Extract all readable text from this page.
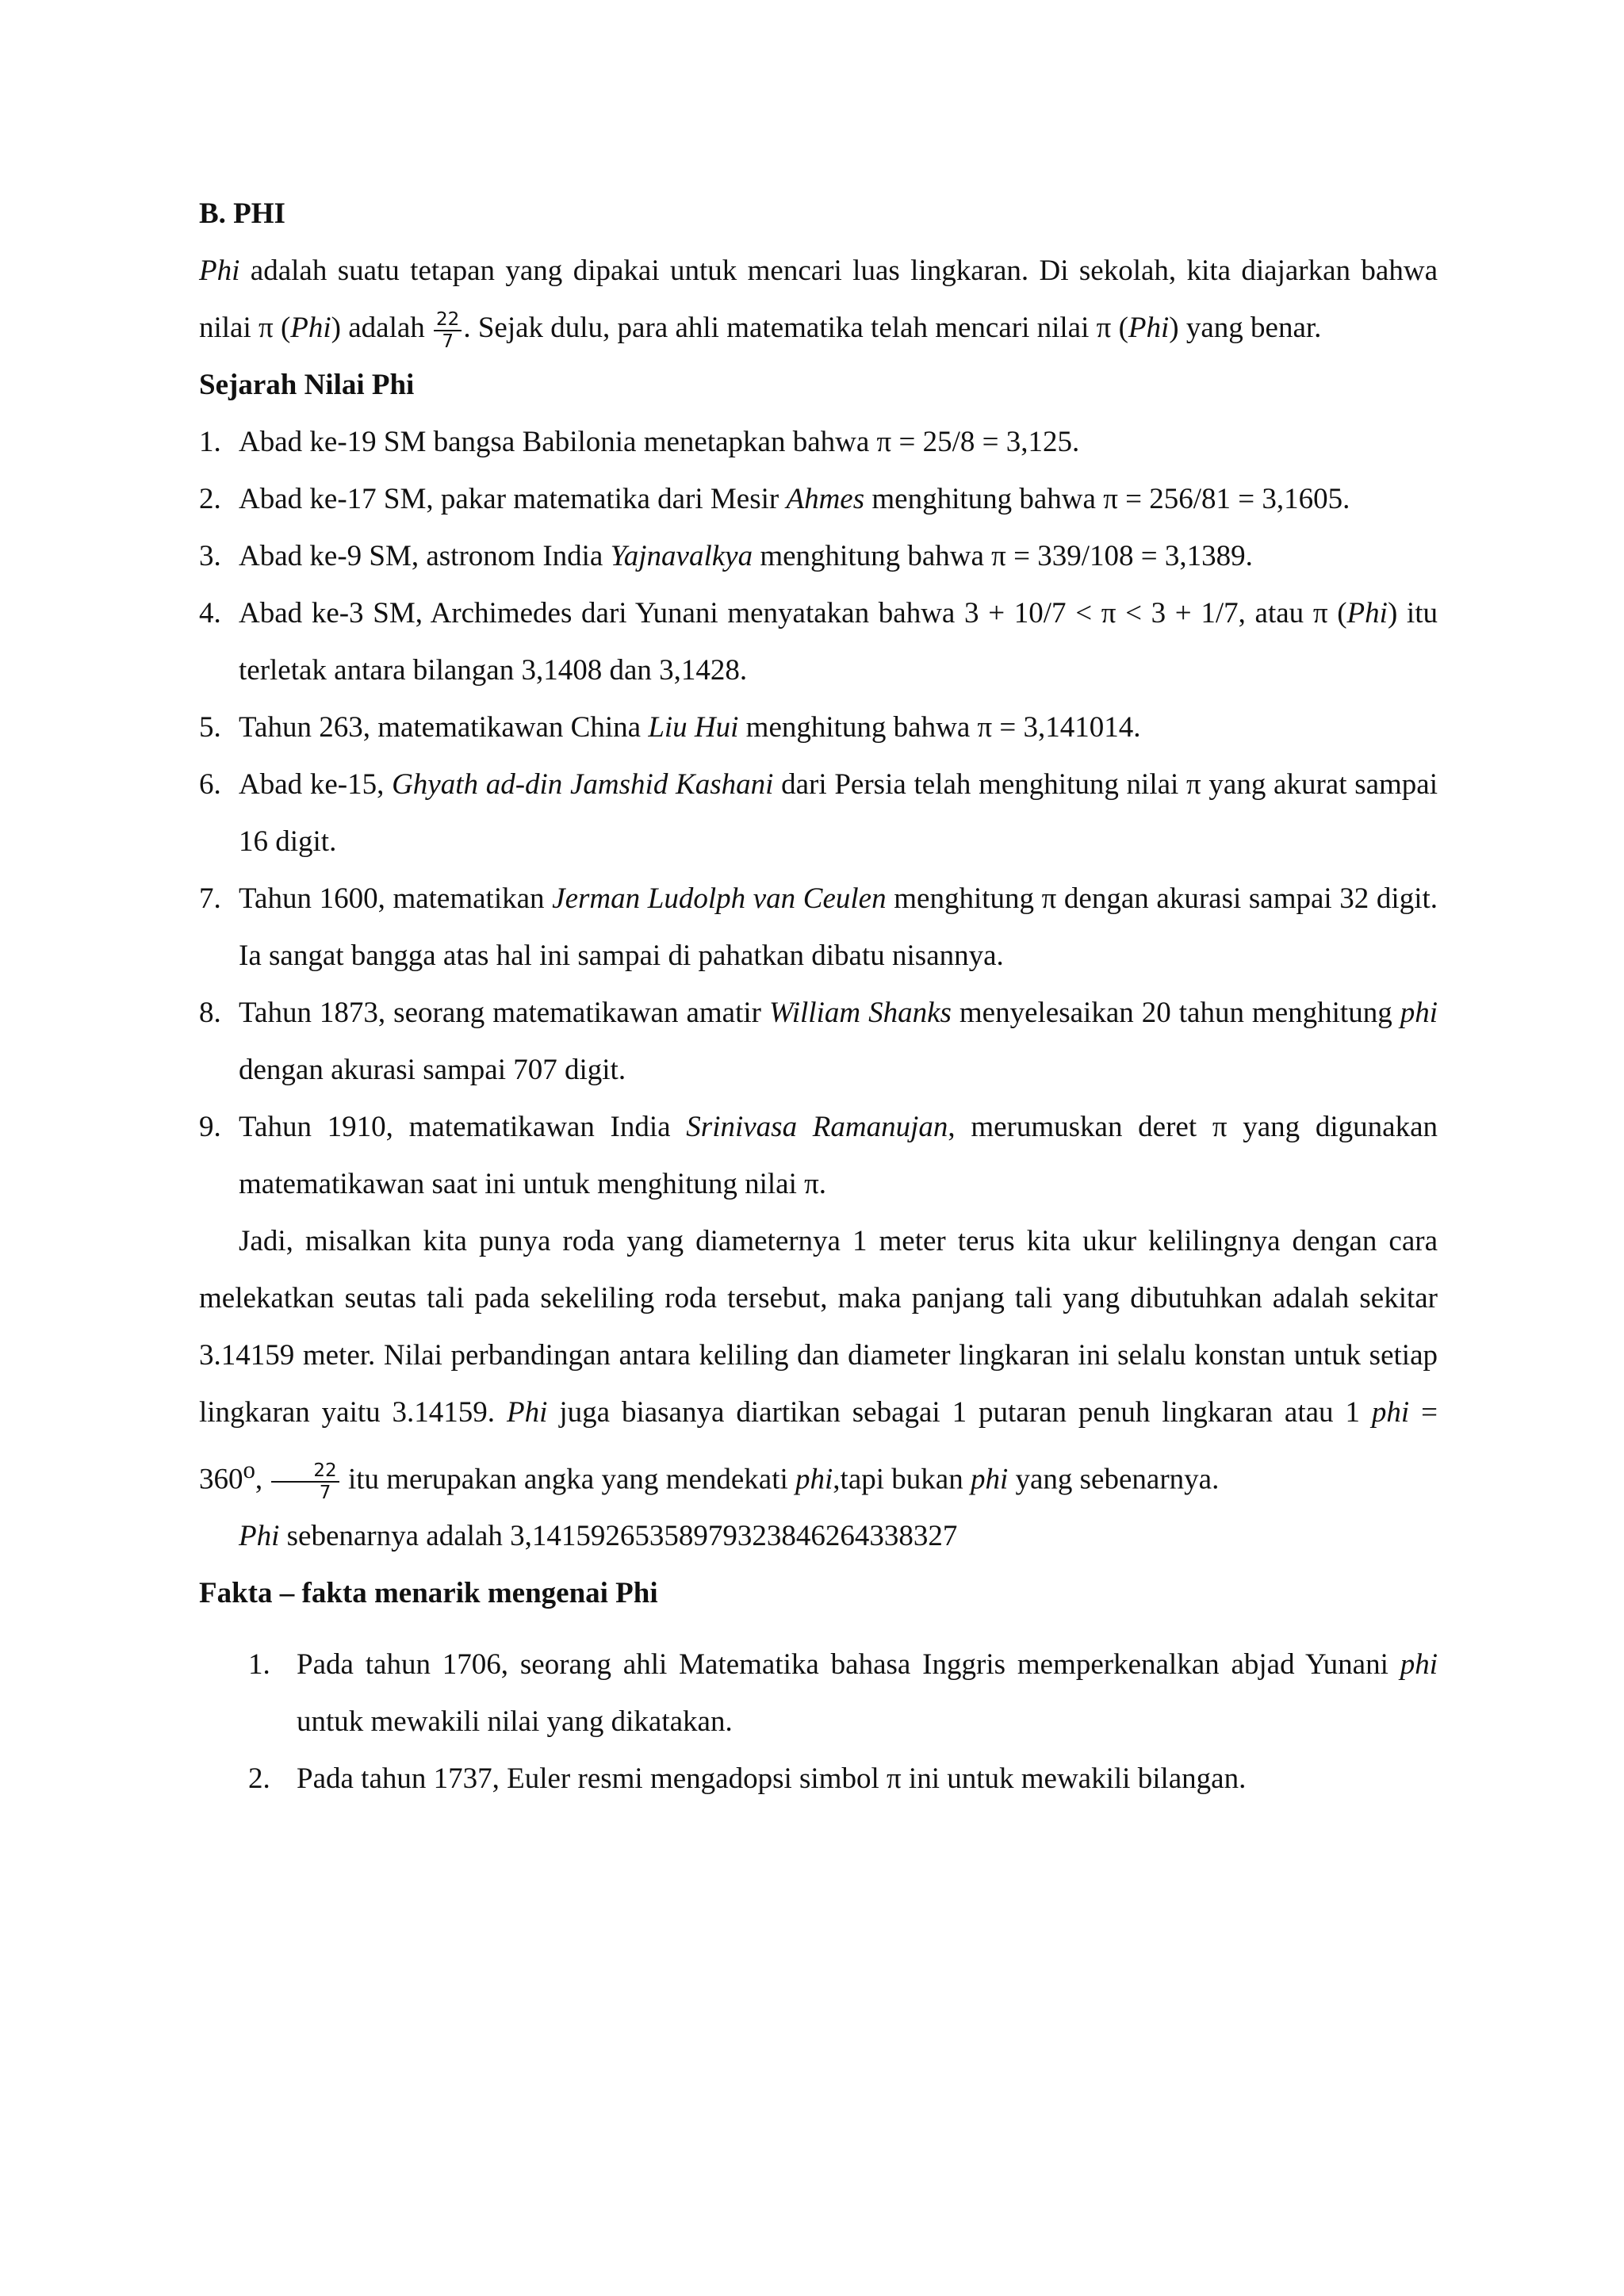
B. PHI

Phi adalah suatu tetapan yang dipakai untuk mencari luas lingkaran. Di sekolah, kita diajarkan bahwa nilai π (Phi) adalah $\frac{22}{7}$ . Sejak dulu, para ahli matematika telah mencari nilai π (Phi) yang benar.

Sejarah Nilai Phi
1. Abad ke-19 SM bangsa Babilonia menetapkan bahwa π = 25/8 = 3,125.
2. Abad ke-17 SM, pakar matematika dari Mesir Ahmes menghitung bahwa π = 256/81 = 3,1605.
3. Abad ke-9 SM, astronom India Yajnavalkya menghitung bahwa π = 339/108 = 3,1389.
4. Abad ke-3 SM, Archimedes dari Yunani menyatakan bahwa 3 + 10/7 < π < 3 + 1/7, atau π (Phi) itu terletak antara bilangan 3,1408 dan 3,1428.
5. Tahun 263, matematikawan China Liu Hui menghitung bahwa π = 3,141014.
6. Abad ke-15, Ghyath ad-din Jamshid Kashani dari Persia telah menghitung nilai π yang akurat sampai 16 digit.
7. Tahun 1600, matematikan Jerman Ludolph van Ceulen menghitung π dengan akurasi sampai 32 digit. Ia sangat bangga atas hal ini sampai di pahatkan dibatu nisannya.
8. Tahun 1873, seorang matematikawan amatir William Shanks menyelesaikan 20 tahun menghitung phi dengan akurasi sampai 707 digit.
9. Tahun 1910, matematikawan India Srinivasa Ramanujan, merumuskan deret π yang digunakan matematikawan saat ini untuk menghitung nilai π.

Jadi, misalkan kita punya roda yang diameternya 1 meter terus kita ukur kelilingnya dengan cara melekatkan seutas tali pada sekeliling roda tersebut, maka panjang tali yang dibutuhkan adalah sekitar 3.14159 meter. Nilai perbandingan antara keliling dan diameter lingkaran ini selalu konstan untuk setiap lingkaran yaitu 3.14159. Phi juga biasanya diartikan sebagai 1 putaran penuh lingkaran atau 1 phi = $360^o$, $\frac{22}{7}$ itu merupakan angka yang mendekati phi,tapi bukan phi yang sebenarnya.

Phi sebenarnya adalah 3,14159265358979323846264338327

Fakta – fakta menarik mengenai Phi
1. Pada tahun 1706, seorang ahli Matematika bahasa Inggris memperkenalkan abjad Yunani phi untuk mewakili nilai yang dikatakan.
2. Pada tahun 1737, Euler resmi mengadopsi simbol π ini untuk mewakili bilangan.
